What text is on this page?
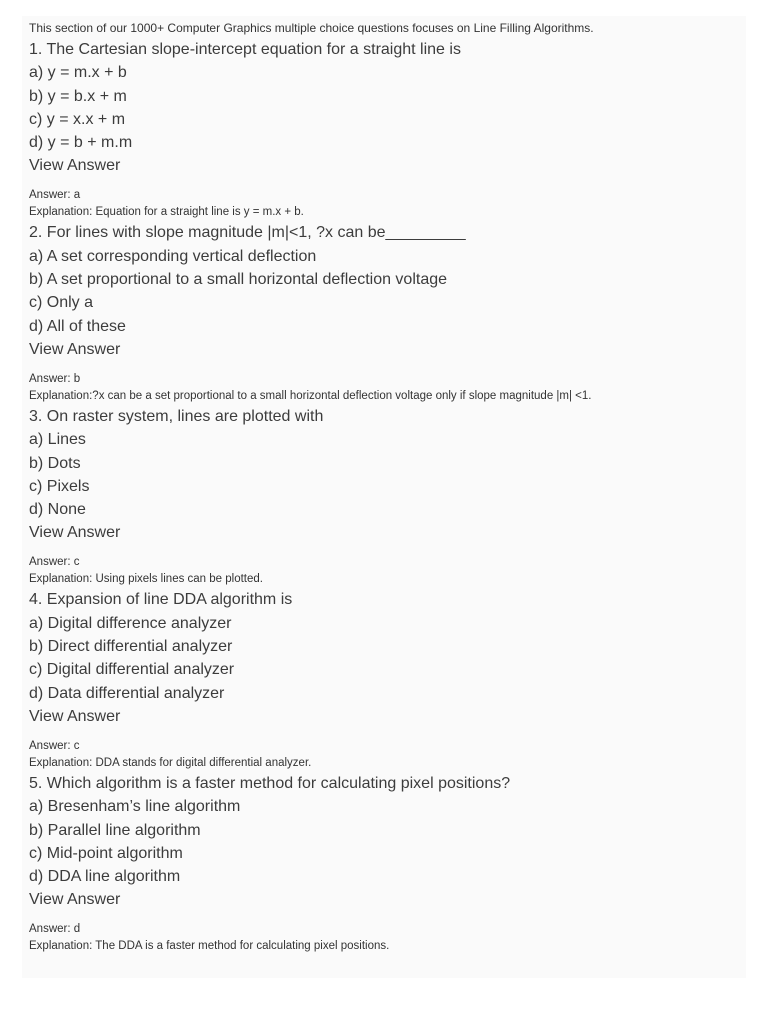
This section of our 1000+ Computer Graphics multiple choice questions focuses on Line Filling Algorithms.
1. The Cartesian slope-intercept equation for a straight line is
a) y = m.x + b
b) y = b.x + m
c) y = x.x + m
d) y = b + m.m
View Answer
Answer: a
Explanation: Equation for a straight line is y = m.x + b.
2. For lines with slope magnitude |m|<1, ?x can be_________
a) A set corresponding vertical deflection
b) A set proportional to a small horizontal deflection voltage
c) Only a
d) All of these
View Answer
Answer: b
Explanation:?x can be a set proportional to a small horizontal deflection voltage only if slope magnitude |m| <1.
3. On raster system, lines are plotted with
a) Lines
b) Dots
c) Pixels
d) None
View Answer
Answer: c
Explanation: Using pixels lines can be plotted.
4. Expansion of line DDA algorithm is
a) Digital difference analyzer
b) Direct differential analyzer
c) Digital differential analyzer
d) Data differential analyzer
View Answer
Answer: c
Explanation: DDA stands for digital differential analyzer.
5. Which algorithm is a faster method for calculating pixel positions?
a) Bresenham’s line algorithm
b) Parallel line algorithm
c) Mid-point algorithm
d) DDA line algorithm
View Answer
Answer: d
Explanation: The DDA is a faster method for calculating pixel positions.
